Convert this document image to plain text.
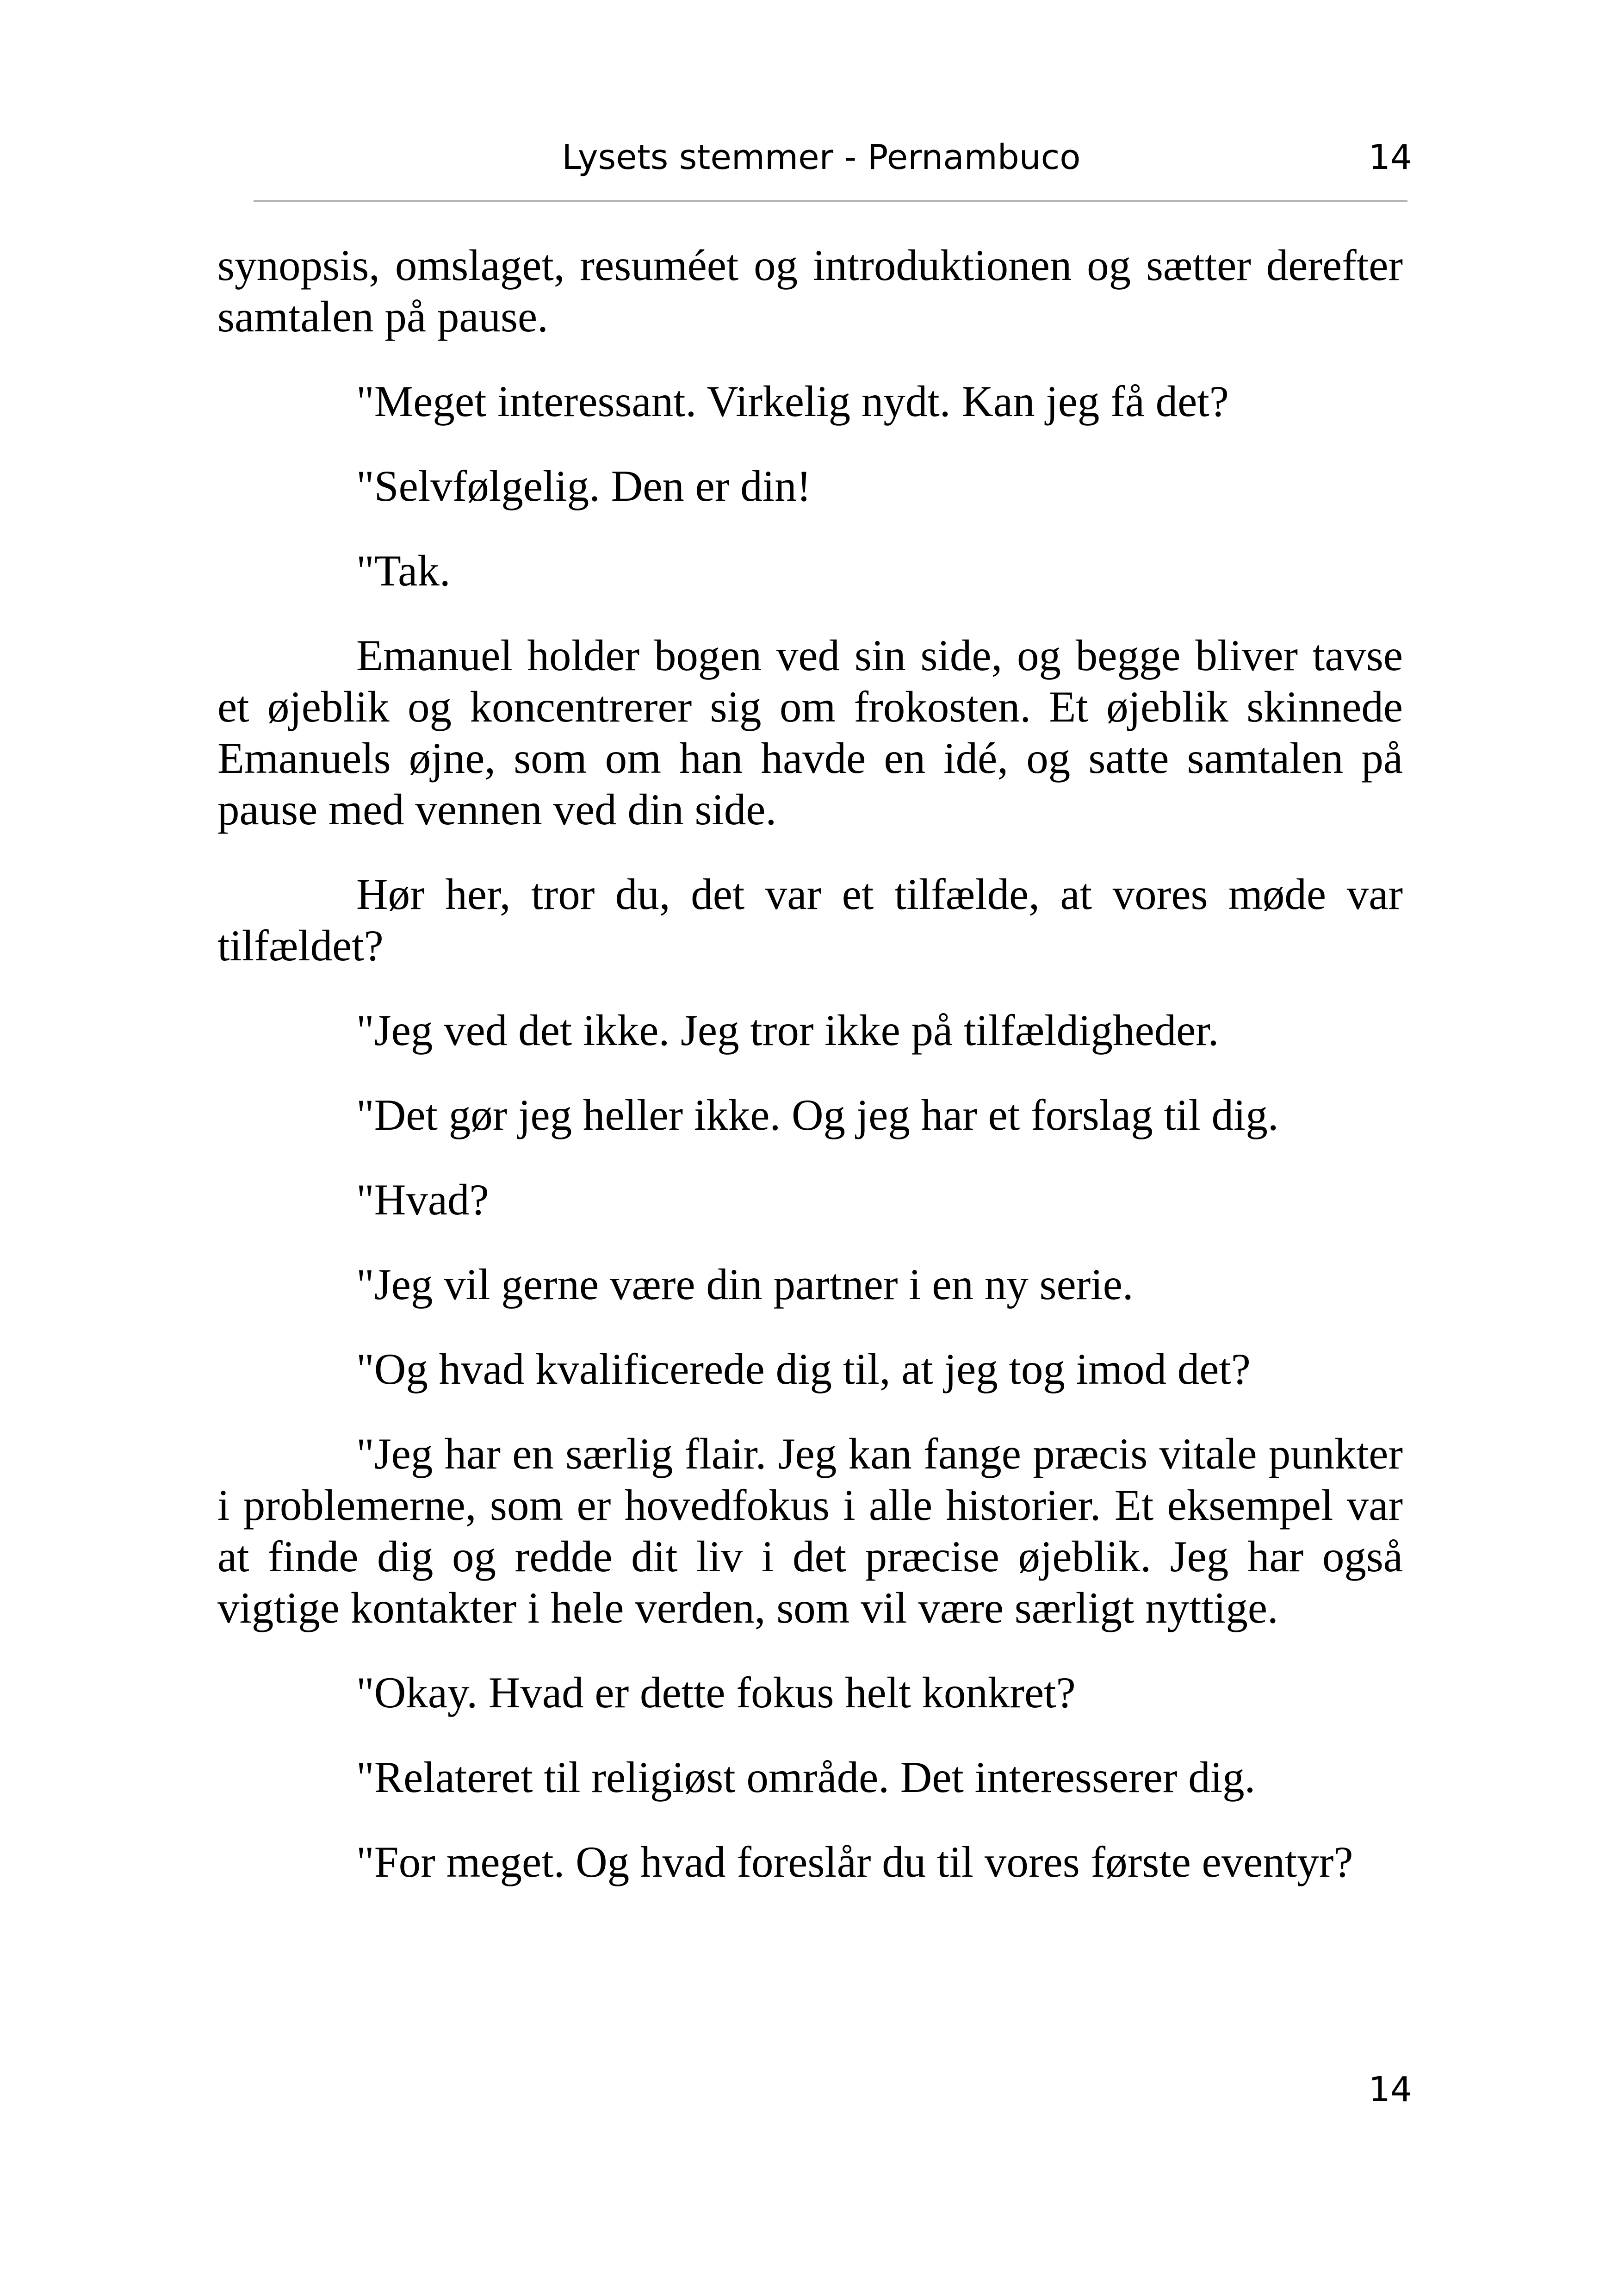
Lysets stemmer - Pernambuco	14

synopsis, omslaget, resuméet og introduktionen og sætter derefter samtalen på pause.

"Meget interessant. Virkelig nydt. Kan jeg få det?

"Selvfølgelig. Den er din!

"Tak.

Emanuel holder bogen ved sin side, og begge bliver tavse et øjeblik og koncentrerer sig om frokosten. Et øjeblik skinnede Emanuels øjne, som om han havde en idé, og satte samtalen på pause med vennen ved din side.

Hør her, tror du, det var et tilfælde, at vores møde var tilfældet?

"Jeg ved det ikke. Jeg tror ikke på tilfældigheder.

"Det gør jeg heller ikke. Og jeg har et forslag til dig.

"Hvad?

"Jeg vil gerne være din partner i en ny serie.

"Og hvad kvalificerede dig til, at jeg tog imod det?

"Jeg har en særlig flair. Jeg kan fange præcis vitale punkter i problemerne, som er hovedfokus i alle historier. Et eksempel var at finde dig og redde dit liv i det præcise øjeblik. Jeg har også vigtige kontakter i hele verden, som vil være særligt nyttige.

"Okay. Hvad er dette fokus helt konkret?

"Relateret til religiøst område. Det interesserer dig.

"For meget. Og hvad foreslår du til vores første eventyr?

14
